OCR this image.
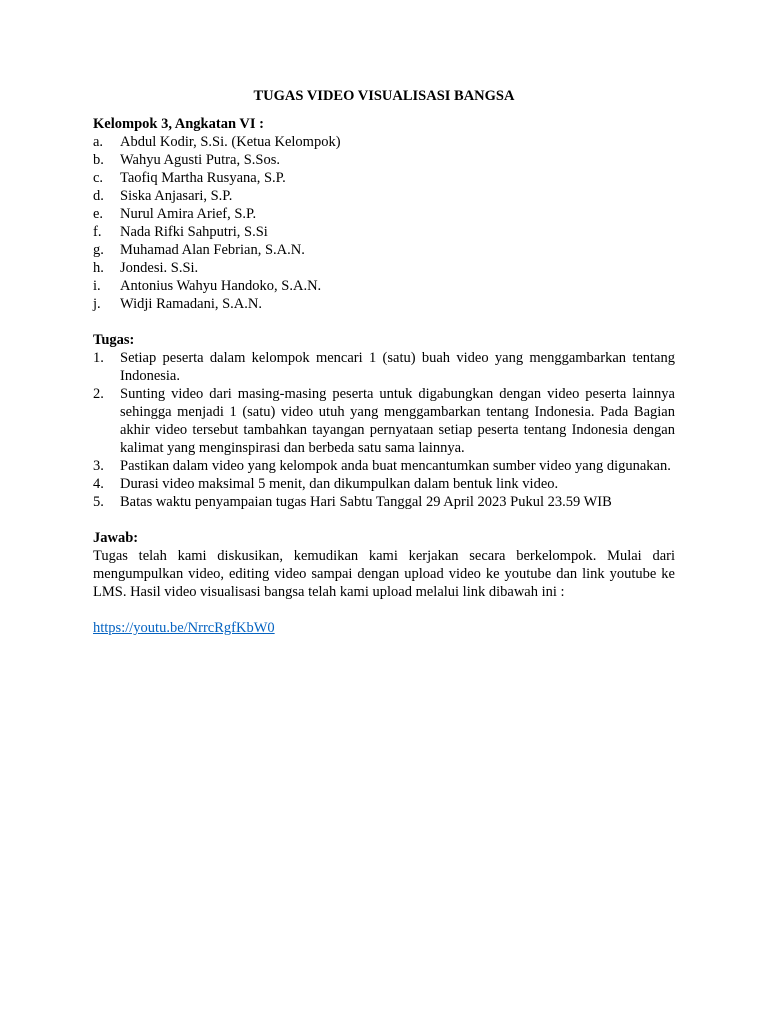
TUGAS VIDEO VISUALISASI BANGSA
Kelompok 3, Angkatan VI :
a. Abdul Kodir, S.Si. (Ketua Kelompok)
b. Wahyu Agusti Putra, S.Sos.
c. Taofiq Martha Rusyana, S.P.
d. Siska Anjasari, S.P.
e. Nurul Amira Arief, S.P.
f. Nada Rifki Sahputri, S.Si
g. Muhamad Alan Febrian, S.A.N.
h. Jondesi. S.Si.
i. Antonius Wahyu Handoko, S.A.N.
j. Widji Ramadani, S.A.N.
Tugas:
1. Setiap peserta dalam kelompok mencari 1 (satu) buah video yang menggambarkan tentang Indonesia.
2. Sunting video dari masing-masing peserta untuk digabungkan dengan video peserta lainnya sehingga menjadi 1 (satu) video utuh yang menggambarkan tentang Indonesia. Pada Bagian akhir video tersebut tambahkan tayangan pernyataan setiap peserta tentang Indonesia dengan kalimat yang menginspirasi dan berbeda satu sama lainnya.
3. Pastikan dalam video yang kelompok anda buat mencantumkan sumber video yang digunakan.
4. Durasi video maksimal 5 menit, dan dikumpulkan dalam bentuk link video.
5. Batas waktu penyampaian tugas Hari Sabtu Tanggal 29 April 2023 Pukul 23.59 WIB
Jawab:

Tugas telah kami diskusikan, kemudikan kami kerjakan secara berkelompok. Mulai dari mengumpulkan video, editing video sampai dengan upload video ke youtube dan link youtube ke LMS. Hasil video visualisasi bangsa telah kami upload melalui link dibawah ini :

https://youtu.be/NrrcRgfKbW0
